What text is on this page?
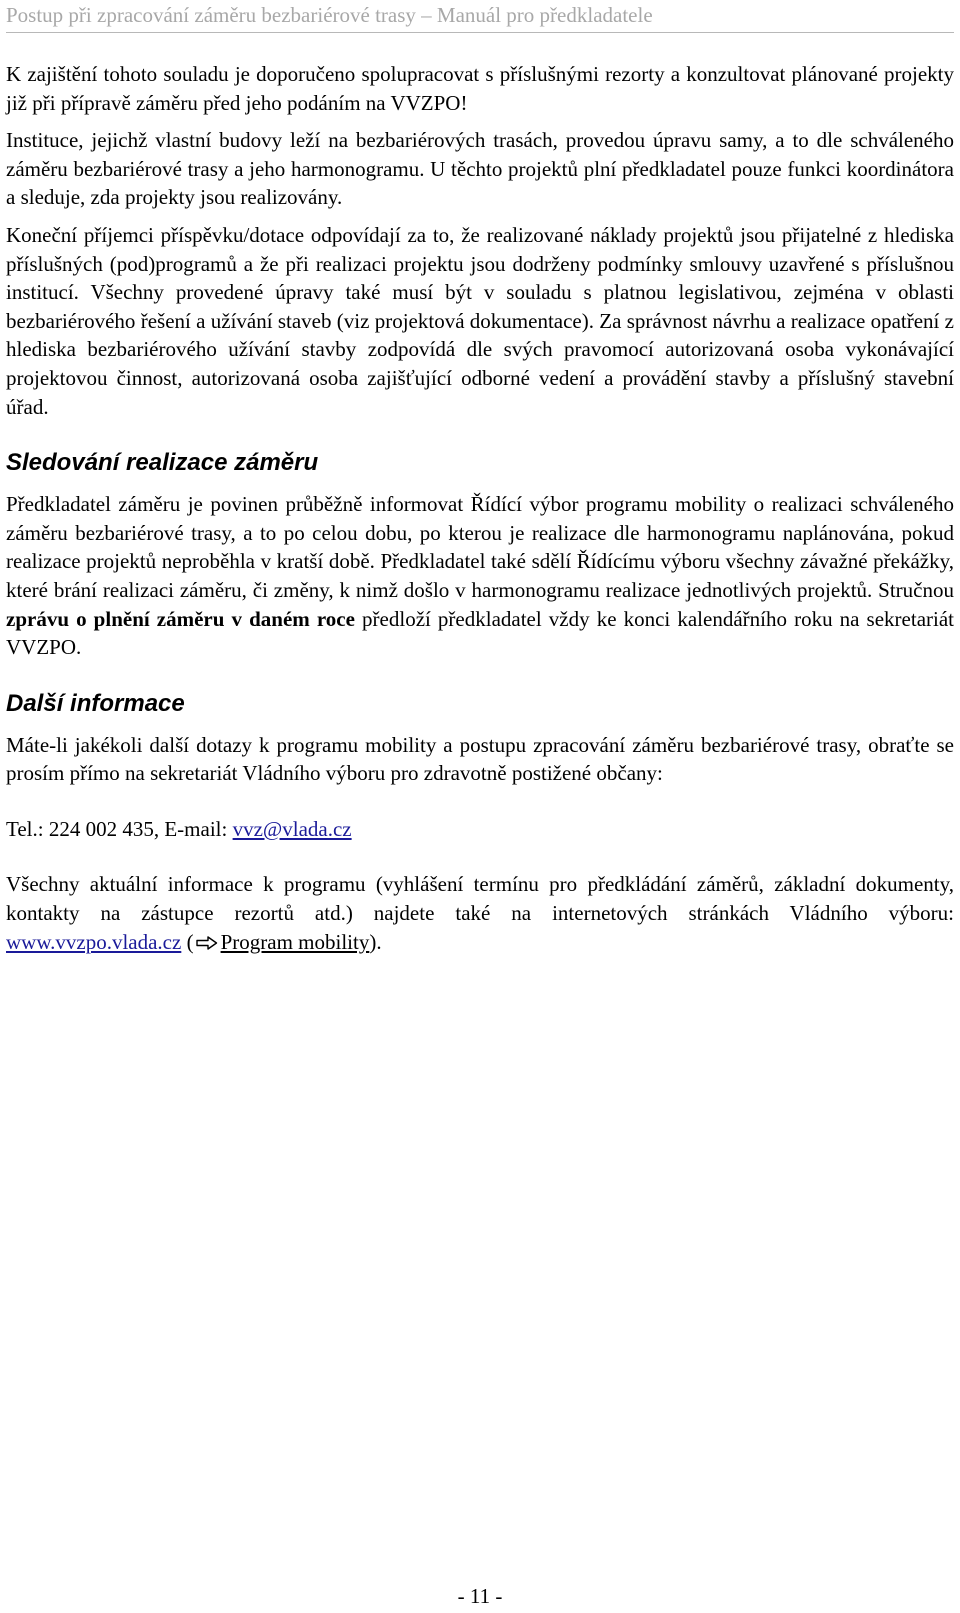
Postup při zpracování záměru bezbariérové trasy – Manuál pro předkladatele

K zajištění tohoto souladu je doporučeno spolupracovat s příslušnými rezorty a konzultovat plánované projekty již při přípravě záměru před jeho podáním na VVZPO!

Instituce, jejichž vlastní budovy leží na bezbariérových trasách, provedou úpravu samy, a to dle schváleného záměru bezbariérové trasy a jeho harmonogramu. U těchto projektů plní předkladatel pouze funkci koordinátora a sleduje, zda projekty jsou realizovány.

Koneční příjemci příspěvku/dotace odpovídají za to, že realizované náklady projektů jsou přijatelné z hlediska příslušných (pod)programů a že při realizaci projektu jsou dodrženy podmínky smlouvy uzavřené s příslušnou institucí. Všechny provedené úpravy také musí být v souladu s platnou legislativou, zejména v oblasti bezbariérového řešení a užívání staveb (viz projektová dokumentace). Za správnost návrhu a realizace opatření z hlediska bezbariérového užívání stavby zodpovídá dle svých pravomocí autorizovaná osoba vykonávající projektovou činnost, autorizovaná osoba zajišťující odborné vedení a provádění stavby a příslušný stavební úřad.

Sledování realizace záměru

Předkladatel záměru je povinen průběžně informovat Řídící výbor programu mobility o realizaci schváleného záměru bezbariérové trasy, a to po celou dobu, po kterou je realizace dle harmonogramu naplánována, pokud realizace projektů neproběhla v kratší době. Předkladatel také sdělí Řídícímu výboru všechny závažné překážky, které brání realizaci záměru, či změny, k nimž došlo v harmonogramu realizace jednotlivých projektů. Stručnou zprávu o plnění záměru v daném roce předloží předkladatel vždy ke konci kalendářního roku na sekretariát VVZPO.

Další informace

Máte-li jakékoli další dotazy k programu mobility a postupu zpracování záměru bezbariérové trasy, obraťte se prosím přímo na sekretariát Vládního výboru pro zdravotně postižené občany:

Tel.: 224 002 435, E-mail: vvz@vlada.cz

Všechny aktuální informace k programu (vyhlášení termínu pro předkládání záměrů, základní dokumenty, kontakty na zástupce rezortů atd.) najdete také na internetových stránkách Vládního výboru: www.vvzpo.vlada.cz ( Program mobility).

- 11 -
